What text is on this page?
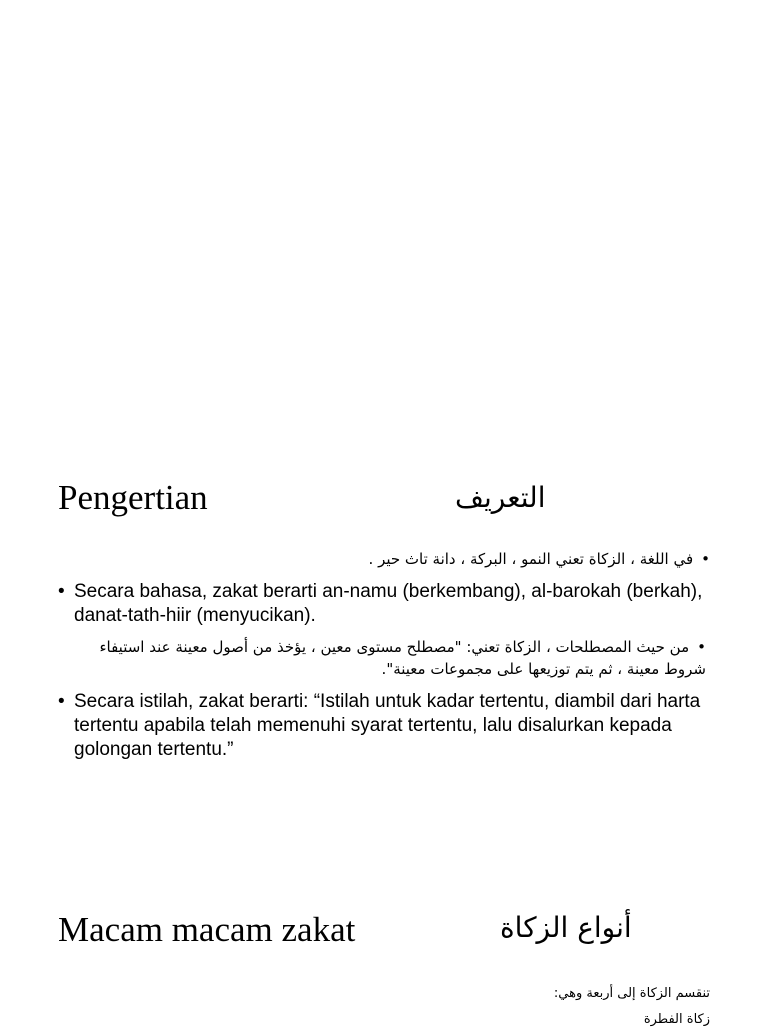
Pengertian	التعريف
•في اللغة ، الزكاة تعني النمو ، البركة ، دانة تاث حير .
• Secara bahasa, zakat berarti an-namu (berkembang), al-barokah (berkah), danat-tath-hiir (menyucikan).
•من حيث المصطلحات ، الزكاة تعني: "مصطلح مستوى معين ، يؤخذ من أصول معينة عند استيفاء شروط معينة ، ثم يتم توزيعها على مجموعات معينة".
• Secara istilah, zakat berarti: “Istilah untuk kadar tertentu, diambil dari harta tertentu apabila telah memenuhi syarat tertentu, lalu disalurkan kepada golongan tertentu.”
Macam macam zakat	أنواع الزكاة
تنقسم الزكاة إلى أربعة وهي:
زكاة الفطرة
